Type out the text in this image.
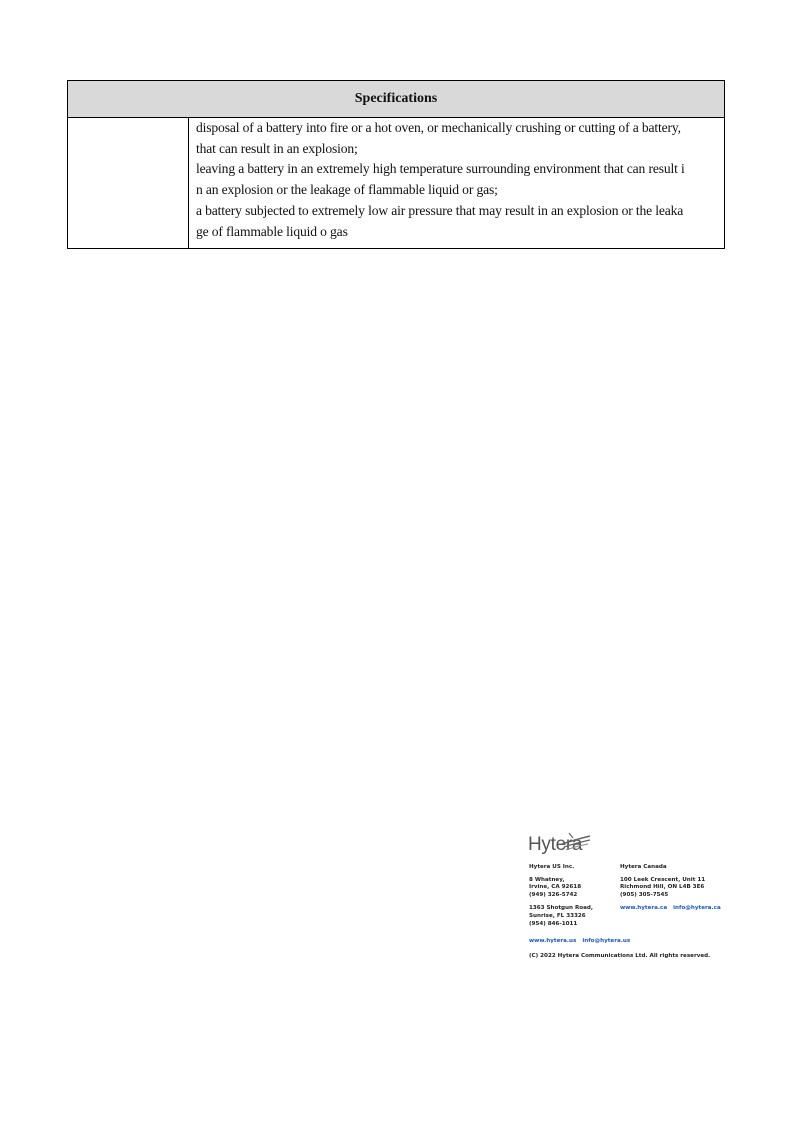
Specifications

disposal of a battery into fire or a hot oven, or mechanically crushing or cutting of a battery,
that can result in an explosion;
leaving a battery in an extremely high temperature surrounding environment that can result i
n an explosion or the leakage of flammable liquid or gas;
a battery subjected to extremely low air pressure that may result in an explosion or the leaka
ge of flammable liquid o gas
Hytera
Hytera US Inc.
8 Whatney,
Irvine, CA 92618
(949) 326-5742
1363 Shotgun Road,
Sunrise, FL 33326
(954) 846-1011
Hytera Canada
100 Leek Crescent, Unit 11
Richmond Hill, ON L4B 3E6
(905) 305-7545
www.hytera.ca info@hytera.ca
www.hytera.us info@hytera.us
(C) 2022 Hytera Communications Ltd. All rights reserved.
